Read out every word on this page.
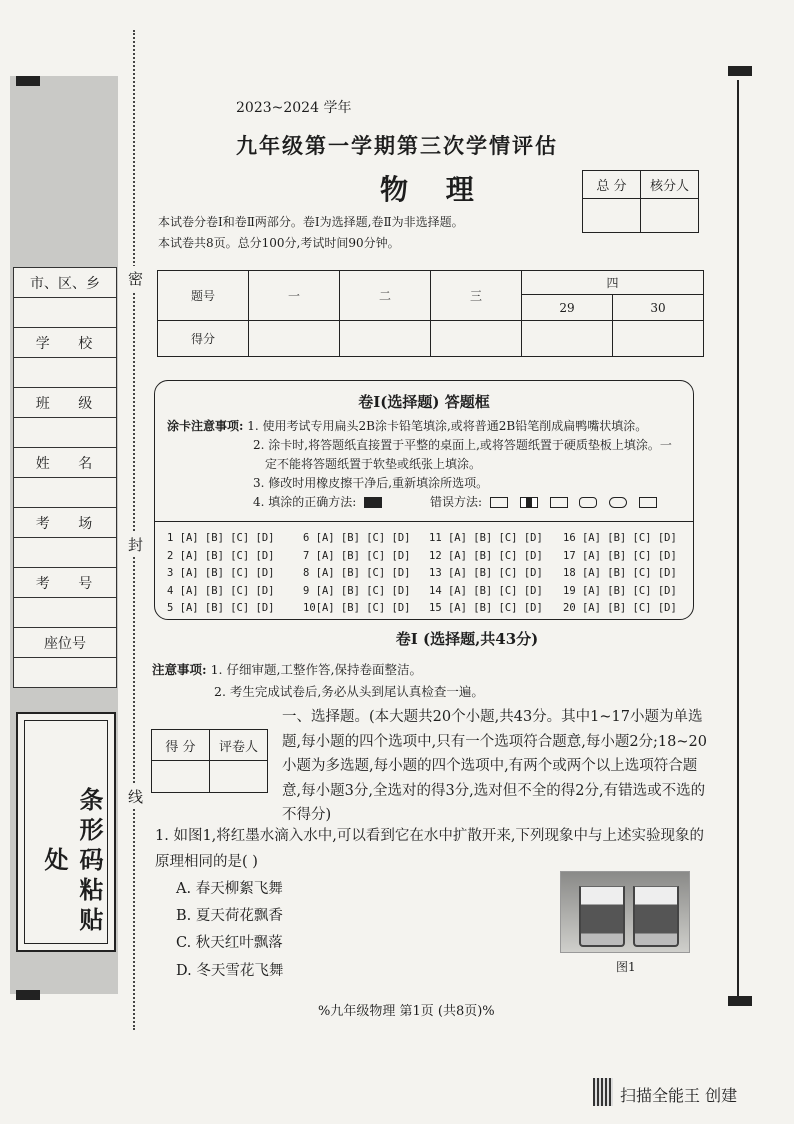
市、区、乡

学 校

班 级

姓 名

考 场

考 号

座位号

条形码粘贴处
密
封
线
2023~2024 学年
九年级第一学期第三次学情评估
物 理	总 分	核分人

本试卷分卷Ⅰ和卷Ⅱ两部分。卷Ⅰ为选择题,卷Ⅱ为非选择题。
本试卷共8页。总分100分,考试时间90分钟。
题号	一	二	三	四	
				29	30
得分					
卷Ⅰ(选择题) 答题框
涂卡注意事项: 1. 使用考试专用扁头2B涂卡铅笔填涂,或将普通2B铅笔削成扁鸭嘴状填涂。
2. 涂卡时,将答题纸直接置于平整的桌面上,或将答题纸置于硬质垫板上填涂。一
定不能将答题纸置于软垫或纸张上填涂。
3. 修改时用橡皮擦干净后,重新填涂所选项。
4. 填涂的正确方法:	错误方法:
1 [A] [B] [C] [D]
2 [A] [B] [C] [D]
3 [A] [B] [C] [D]
4 [A] [B] [C] [D]
5 [A] [B] [C] [D]
6 [A] [B] [C] [D]
7 [A] [B] [C] [D]
8 [A] [B] [C] [D]
9 [A] [B] [C] [D]
10[A] [B] [C] [D]
11 [A] [B] [C] [D]
12 [A] [B] [C] [D]
13 [A] [B] [C] [D]
14 [A] [B] [C] [D]
15 [A] [B] [C] [D]
16 [A] [B] [C] [D]
17 [A] [B] [C] [D]
18 [A] [B] [C] [D]
19 [A] [B] [C] [D]
20 [A] [B] [C] [D]
卷Ⅰ (选择题,共43分)
注意事项: 1. 仔细审题,工整作答,保持卷面整洁。
2. 考生完成试卷后,务必从头到尾认真检查一遍。
得 分	评卷人

一、选择题。(本大题共20个小题,共43分。其中1~17小题为单选题,每小题的四个选项中,只有一个选项符合题意,每小题2分;18~20小题为多选题,每小题的四个选项中,有两个或两个以上选项符合题意,每小题3分,全选对的得3分,选对但不全的得2分,有错选或不选的不得分)
1. 如图1,将红墨水滴入水中,可以看到它在水中扩散开来,下列现象中与上述实验现象的原理相同的是( )
A. 春天柳絮飞舞
B. 夏天荷花飘香
C. 秋天红叶飘落
D. 冬天雪花飞舞	图1
%九年级物理 第1页 (共8页)%
扫描全能王 创建
